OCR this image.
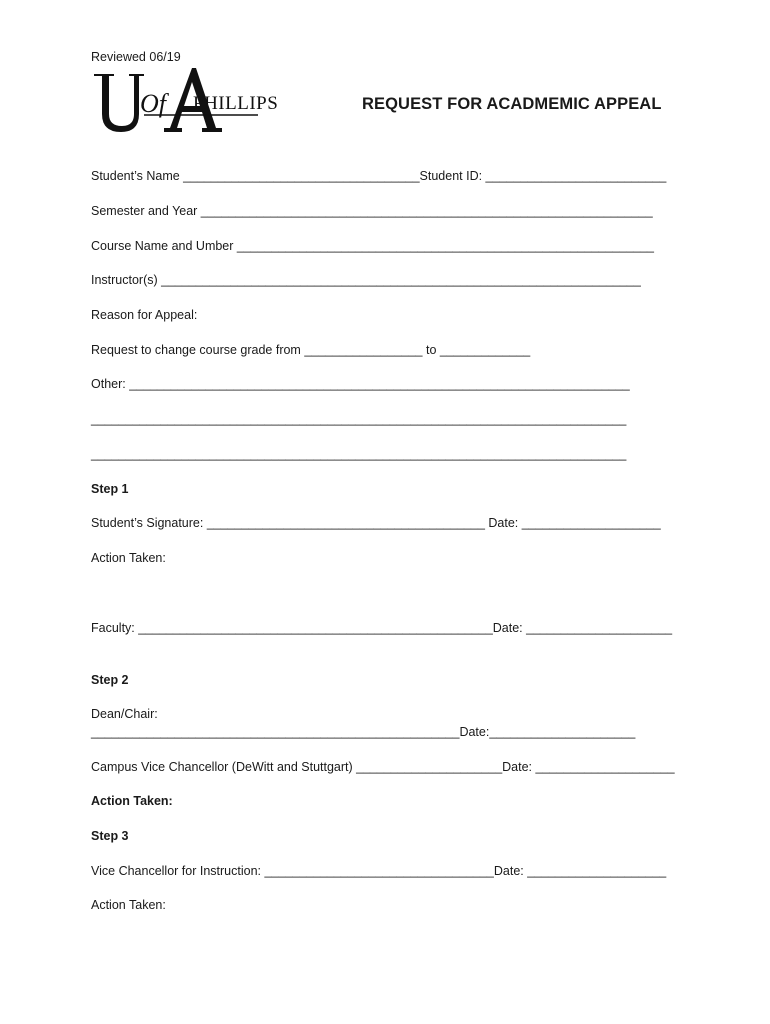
Reviewed 06/19
Of PHILLIPS	REQUEST FOR ACADMEMIC APPEAL
Student’s Name __________________________________Student ID: __________________________
Semester and Year _________________________________________________________________
Course Name and Umber ____________________________________________________________
Instructor(s) _____________________________________________________________________
Reason for Appeal:
Request to change course grade from _________________ to _____________
Other: ________________________________________________________________________
_____________________________________________________________________________
_____________________________________________________________________________
Step 1
Student’s Signature: ________________________________________ Date: ____________________
Action Taken:
Faculty: ___________________________________________________Date: _____________________
Step 2
Dean/Chair:
_____________________________________________________Date:_____________________
Campus Vice Chancellor (DeWitt and Stuttgart) _____________________Date: ____________________
Action Taken:
Step 3
Vice Chancellor for Instruction: _________________________________Date: ____________________
Action Taken:
